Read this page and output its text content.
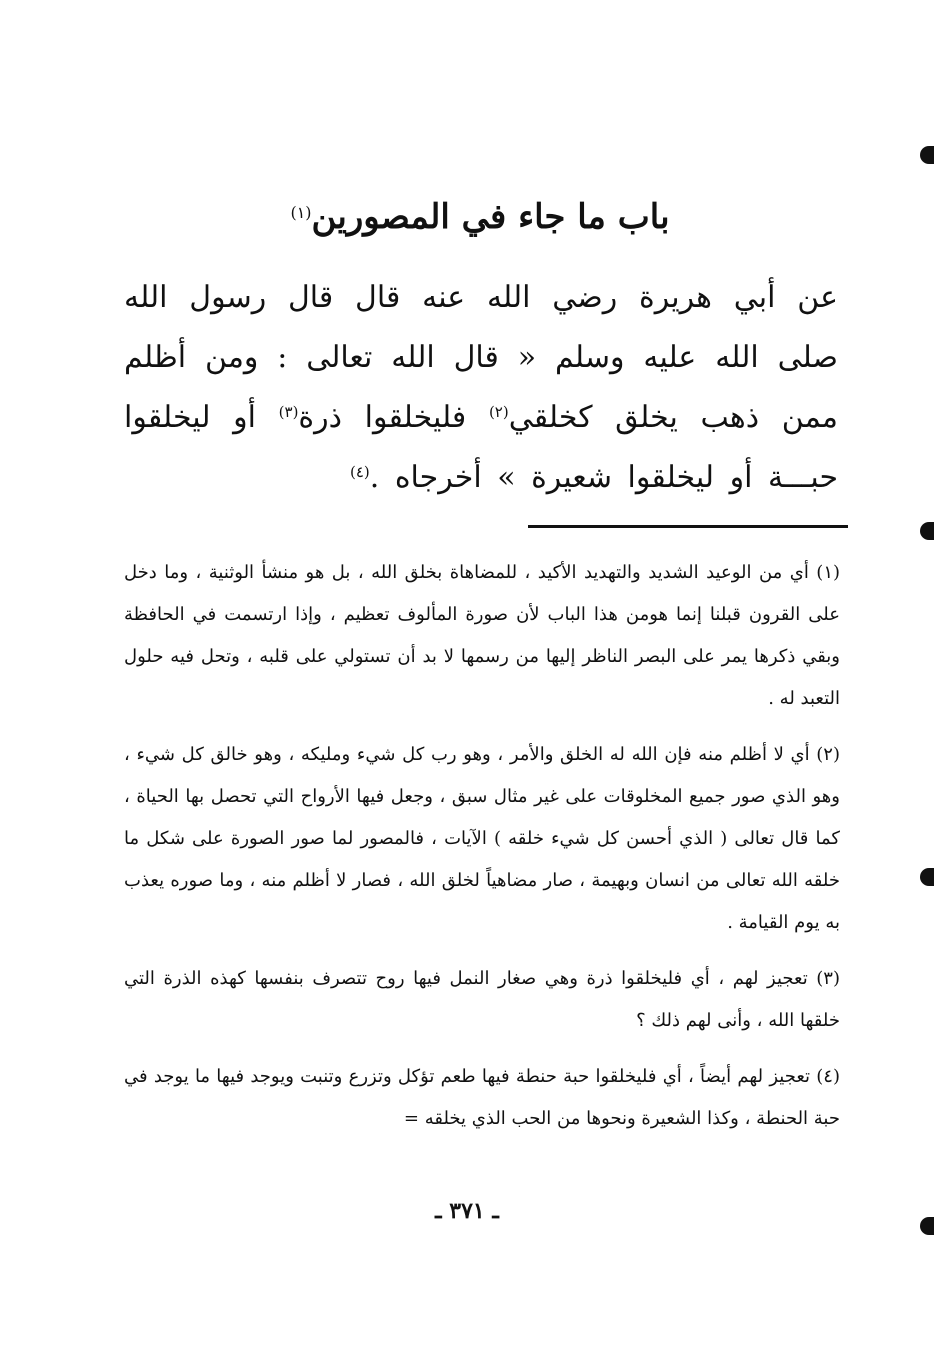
باب ما جاء في المصورين$^{(١)}$
عن أبي هريرة رضي الله عنه قال قال رسول الله صلى الله عليه وسلم « قال الله تعالى : ومن أظلم ممن ذهب يخلق كخلقي$^{(٢)}$ فليخلقوا ذرة$^{(٣)}$ أو ليخلقوا حبـــة أو ليخلقوا شعيرة » أخرجاه .$^{(٤)}$

(١) أي من الوعيد الشديد والتهديد الأكيد ، للمضاهاة بخلق الله ، بل هو منشأ الوثنية ، وما دخل على القرون قبلنا إنما هومن هذا الباب لأن صورة المألوف تعظيم ، وإذا ارتسمت في الحافظة وبقي ذكرها يمر على البصر الناظر إليها من رسمها لا بد أن تستولي على قلبه ، وتحل فيه حلول التعبد له .

(٢) أي لا أظلم منه فإن الله له الخلق والأمر ، وهو رب كل شيء ومليكه ، وهو خالق كل شيء ، وهو الذي صور جميع المخلوقات على غير مثال سبق ، وجعل فيها الأرواح التي تحصل بها الحياة ، كما قال تعالى ( الذي أحسن كل شيء خلقه ) الآيات ، فالمصور لما صور الصورة على شكل ما خلقه الله تعالى من انسان وبهيمة ، صار مضاهياً لخلق الله ، فصار لا أظلم منه ، وما صوره يعذب به يوم القيامة .

(٣) تعجيز لهم ، أي فليخلقوا ذرة وهي صغار النمل فيها روح تتصرف بنفسها كهذه الذرة التي خلقها الله ، وأنى لهم ذلك ؟

(٤) تعجيز لهم أيضاً ، أي فليخلقوا حبة حنطة فيها طعم تؤكل وتزرع وتنبت ويوجد فيها ما يوجد في حبة الحنطة ، وكذا الشعيرة ونحوها من الحب الذي يخلقه =

ـ ٣٧١ ـ
